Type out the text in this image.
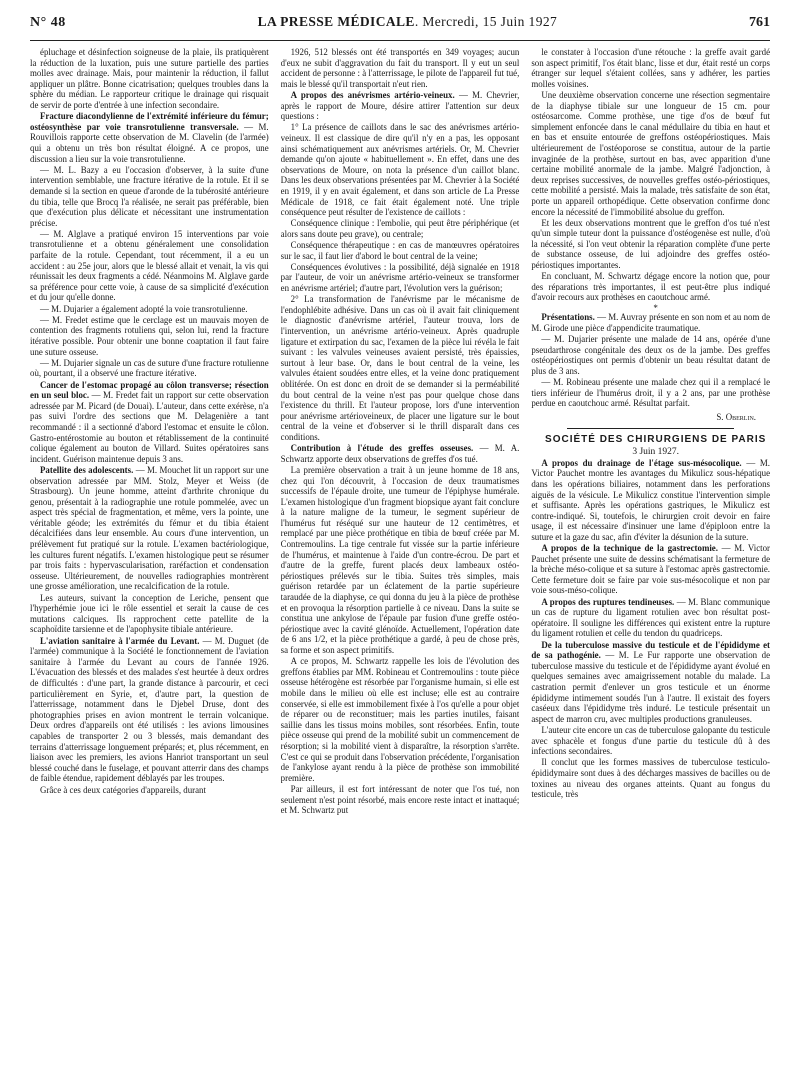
N° 48	LA PRESSE MÉDICALE. Mercredi, 15 Juin 1927	761

épluchage et désinfection soigneuse de la plaie, ils pratiquèrent la réduction de la luxation, puis une suture partielle des parties molles avec drainage. Mais, pour maintenir la réduction, il fallut appliquer un plâtre. Bonne cicatrisation; quelques troubles dans la sphère du médian. Le rapporteur critique le drainage qui risquait de servir de porte d'entrée à une infection secondaire.

Fracture diacondylienne de l'extrémité inférieure du fémur; ostéosynthèse par voie transrotulienne transversale. — M. Rouvillois rapporte cette observation de M. Clavelin (de l'armée) qui a obtenu un très bon résultat éloigné. A ce propos, une discussion a lieu sur la voie transrotulienne.

— M. L. Bazy a eu l'occasion d'observer, à la suite d'une intervention semblable, une fracture itérative de la rotule. Et il se demande si la section en queue d'aronde de la tubérosité antérieure du tibia, telle que Brocq l'a réalisée, ne serait pas préférable, bien que d'exécution plus délicate et nécessitant une instrumentation précise.

— M. Alglave a pratiqué environ 15 interventions par voie transrotulienne et a obtenu généralement une consolidation parfaite de la rotule. Cependant, tout récemment, il a eu un accident : au 25e jour, alors que le blessé allait et venait, la vis qui réunissait les deux fragments a cédé. Néanmoins M. Alglave garde sa préférence pour cette voie, à cause de sa simplicité d'exécution et du jour qu'elle donne.

— M. Dujarier a également adopté la voie transrotulienne.

— M. Fredet estime que le cerclage est un mauvais moyen de contention des fragments rotuliens qui, selon lui, rend la fracture itérative possible. Pour obtenir une bonne coaptation il faut faire une suture osseuse.

— M. Dujarier signale un cas de suture d'une fracture rotulienne où, pourtant, il a observé une fracture itérative.

Cancer de l'estomac propagé au côlon transverse; résection en un seul bloc. — M. Fredet fait un rapport sur cette observation adressée par M. Picard (de Douai). L'auteur, dans cette exérèse, n'a pas suivi l'ordre des sections que M. Delagenière a tant recommandé : il a sectionné d'abord l'estomac et ensuite le côlon. Gastro-entérostomie au bouton et rétablissement de la continuité colique également au bouton de Villard. Suites opératoires sans incident. Guérison maintenue depuis 3 ans.

Patellite des adolescents. — M. Mouchet lit un rapport sur une observation adressée par MM. Stolz, Meyer et Weiss (de Strasbourg). Un jeune homme, atteint d'arthrite chronique du genou, présentait à la radiographie une rotule pommelée, avec un aspect très spécial de fragmentation, et même, vers la pointe, une véritable géode; les extrémités du fémur et du tibia étaient décalcifiées dans leur ensemble. Au cours d'une intervention, un prélèvement fut pratiqué sur la rotule. L'examen bactériologique, les cultures furent négatifs. L'examen histologique peut se résumer par trois faits : hypervascularisation, raréfaction et condensation osseuse. Ultérieurement, de nouvelles radiographies montrèrent une grosse amélioration, une recalcification de la rotule.

Les auteurs, suivant la conception de Leriche, pensent que l'hyperhémie joue ici le rôle essentiel et serait la cause de ces mutations calciques. Ils rapprochent cette patellite de la scaphoïdite tarsienne et de l'apophysite tibiale antérieure.

L'aviation sanitaire à l'armée du Levant. — M. Duguet (de l'armée) communique à la Société le fonctionnement de l'aviation sanitaire à l'armée du Levant au cours de l'année 1926. L'évacuation des blessés et des malades s'est heurtée à deux ordres de difficultés : d'une part, la grande distance à parcourir, et ceci particulièrement en Syrie, et, d'autre part, la question de l'atterrissage, notamment dans le Djebel Druse, dont des photographies prises en avion montrent le terrain volcanique. Deux ordres d'appareils ont été utilisés : les avions limousines capables de transporter 2 ou 3 blessés, mais demandant des terrains d'atterrissage longuement préparés; et, plus récemment, en liaison avec les premiers, les avions Hanriot transportant un seul blessé couché dans le fuselage, et pouvant atterrir dans des champs de faible étendue, rapidement déblayés par les troupes.

Grâce à ces deux catégories d'appareils, durant

1926, 512 blessés ont été transportés en 349 voyages; aucun d'eux ne subit d'aggravation du fait du transport. Il y eut un seul accident de personne : à l'atterrissage, le pilote de l'appareil fut tué, mais le blessé qu'il transportait n'eut rien.

A propos des anévrismes artério-veineux. — M. Chevrier, après le rapport de Moure, désire attirer l'attention sur deux questions :

1° La présence de caillots dans le sac des anévrismes artério-veineux. Il est classique de dire qu'il n'y en a pas, les opposant ainsi schématiquement aux anévrismes artériels. Or, M. Chevrier demande qu'on ajoute « habituellement ». En effet, dans une des observations de Moure, on nota la présence d'un caillot blanc. Dans les deux observations présentées par M. Chevrier à la Société en 1919, il y en avait également, et dans son article de La Presse Médicale de 1918, ce fait était également noté. Une triple conséquence peut résulter de l'existence de caillots :

Conséquence clinique : l'embolie, qui peut être périphérique (et alors sans doute peu grave), ou centrale;

Conséquence thérapeutique : en cas de manœuvres opératoires sur le sac, il faut lier d'abord le bout central de la veine;

Conséquences évolutives : la possibilité, déjà signalée en 1918 par l'auteur, de voir un anévrisme artério-veineux se transformer en anévrisme artériel; d'autre part, l'évolution vers la guérison;

2° La transformation de l'anévrisme par le mécanisme de l'endophlébite adhésive. Dans un cas où il avait fait cliniquement le diagnostic d'anévrisme artériel, l'auteur trouva, lors de l'intervention, un anévrisme artério-veineux. Après quadruple ligature et extirpation du sac, l'examen de la pièce lui révéla le fait suivant : les valvules veineuses avaient persisté, très épaissies, surtout à leur base. Or, dans le bout central de la veine, les valvules étaient soudées entre elles, et la veine donc pratiquement oblitérée. On est donc en droit de se demander si la perméabilité du bout central de la veine n'est pas pour quelque chose dans l'existence du thrill. Et l'auteur propose, lors d'une intervention pour anévrisme artérioveineux, de placer une ligature sur le bout central de la veine et d'observer si le thrill disparaît dans ces conditions.

Contribution à l'étude des greffes osseuses. — M. A. Schwartz apporte deux observations de greffes d'os tué.

La première observation a trait à un jeune homme de 18 ans, chez qui l'on découvrit, à l'occasion de deux traumatismes successifs de l'épaule droite, une tumeur de l'épiphyse humérale. L'examen histologique d'un fragment biopsique ayant fait conclure à la nature maligne de la tumeur, le segment supérieur de l'humérus fut réséqué sur une hauteur de 12 centimètres, et remplacé par une pièce prothétique en tibia de bœuf créée par M. Contremoulins. La tige centrale fut vissée sur la partie inférieure de l'humérus, et maintenue à l'aide d'un contre-écrou. De part et d'autre de la greffe, furent placés deux lambeaux ostéo-périostiques prélevés sur le tibia. Suites très simples, mais guérison retardée par un éclatement de la partie supérieure taraudée de la diaphyse, ce qui donna du jeu à la pièce de prothèse et en provoqua la résorption partielle à ce niveau. Dans la suite se constitua une ankylose de l'épaule par fusion d'une greffe ostéo-périostique avec la cavité glénoïde. Actuellement, l'opération date de 6 ans 1/2, et la pièce prothétique a gardé, à peu de chose près, sa forme et son aspect primitifs.

A ce propos, M. Schwartz rappelle les lois de l'évolution des greffons établies par MM. Robineau et Contremoulins : toute pièce osseuse hétérogène est résorbée par l'organisme humain, si elle est mobile dans le milieu où elle est incluse; elle est au contraire conservée, si elle est immobilement fixée à l'os qu'elle a pour objet de réparer ou de reconstituer; mais les parties inutiles, faisant saillie dans les tissus moins mobiles, sont résorbées. Enfin, toute pièce osseuse qui prend de la mobilité subit un commencement de résorption; si la mobilité vient à disparaître, la résorption s'arrête. C'est ce qui se produit dans l'observation précédente, l'organisation de l'ankylose ayant rendu à la pièce de prothèse son immobilité première.

Par ailleurs, il est fort intéressant de noter que l'os tué, non seulement n'est point résorbé, mais encore reste intact et inattaqué; et M. Schwartz put

le constater à l'occasion d'une rétouche : la greffe avait gardé son aspect primitif, l'os était blanc, lisse et dur, était resté un corps étranger sur lequel s'étaient collées, sans y adhérer, les parties molles voisines.

Une deuxième observation concerne une résection segmentaire de la diaphyse tibiale sur une longueur de 15 cm. pour ostéosarcome. Comme prothèse, une tige d'os de bœuf fut simplement enfoncée dans le canal médullaire du tibia en haut et en bas et ensuite entourée de greffons ostéopériostiques. Mais ultérieurement de l'ostéoporose se constitua, autour de la partie invaginée de la prothèse, surtout en bas, avec apparition d'une certaine mobilité anormale de la jambe. Malgré l'adjonction, à deux reprises successives, de nouvelles greffes ostéo-périostiques, cette mobilité a persisté. Mais la malade, très satisfaite de son état, porte un appareil orthopédique. Cette observation confirme donc encore la nécessité de l'immobilité absolue du greffon.

Et les deux observations montrent que le greffon d'os tué n'est qu'un simple tuteur dont la puissance d'ostéogenèse est nulle, d'où la nécessité, si l'on veut obtenir la réparation complète d'une perte de substance osseuse, de lui adjoindre des greffes ostéo-périostiques importantes.

En concluant, M. Schwartz dégage encore la notion que, pour des réparations très importantes, il est peut-être plus indiqué d'avoir recours aux prothèses en caoutchouc armé.

*

Présentations. — M. Auvray présente en son nom et au nom de M. Girode une pièce d'appendicite traumatique.

— M. Dujarier présente une malade de 14 ans, opérée d'une pseudarthrose congénitale des deux os de la jambe. Des greffes ostéopériostiques ont permis d'obtenir un beau résultat datant de plus de 3 ans.

— M. Robineau présente une malade chez qui il a remplacé le tiers inférieur de l'humérus droit, il y a 2 ans, par une prothèse perdue en caoutchouc armé. Résultat parfait.

S. Oberlin.

SOCIÉTÉ DES CHIRURGIENS DE PARIS

3 Juin 1927.

A propos du drainage de l'étage sus-mésocolique. — M. Victor Pauchet montre les avantages du Mikulicz sous-hépatique dans les opérations biliaires, notamment dans les perforations aiguës de la vésicule. Le Mikulicz constitue l'intervention simple et suffisante. Après les opérations gastriques, le Mikulicz est contre-indiqué. Si, toutefois, le chirurgien croit devoir en faire usage, il est nécessaire d'insinuer une lame d'épiploon entre la suture et la gaze du sac, afin d'éviter la désunion de la suture.

A propos de la technique de la gastrectomie. — M. Victor Pauchet présente une suite de dessins schématisant la fermeture de la brèche méso-colique et sa suture à l'estomac après gastrectomie. Cette fermeture doit se faire par voie sus-mésocolique et non par voie sous-méso-colique.

A propos des ruptures tendineuses. — M. Blanc communique un cas de rupture du ligament rotulien avec bon résultat post-opératoire. Il souligne les différences qui existent entre la rupture du ligament rotulien et celle du tendon du quadriceps.

De la tuberculose massive du testicule et de l'épididyme et de sa pathogénie. — M. Le Fur rapporte une observation de tuberculose massive du testicule et de l'épididyme ayant évolué en quelques semaines avec amaigrissement notable du malade. La castration permit d'enlever un gros testicule et un énorme épididyme intimement soudés l'un à l'autre. Il existait des foyers caséeux dans l'épididyme très induré. Le testicule présentait un aspect de marron cru, avec multiples productions granuleuses.

L'auteur cite encore un cas de tuberculose galopante du testicule avec sphacèle et fongus d'une partie du testicule dû à des infections secondaires.

Il conclut que les formes massives de tuberculose testiculo-épididymaire sont dues à des décharges massives de bacilles ou de toxines au niveau des organes atteints. Quant au fongus du testicule, très
